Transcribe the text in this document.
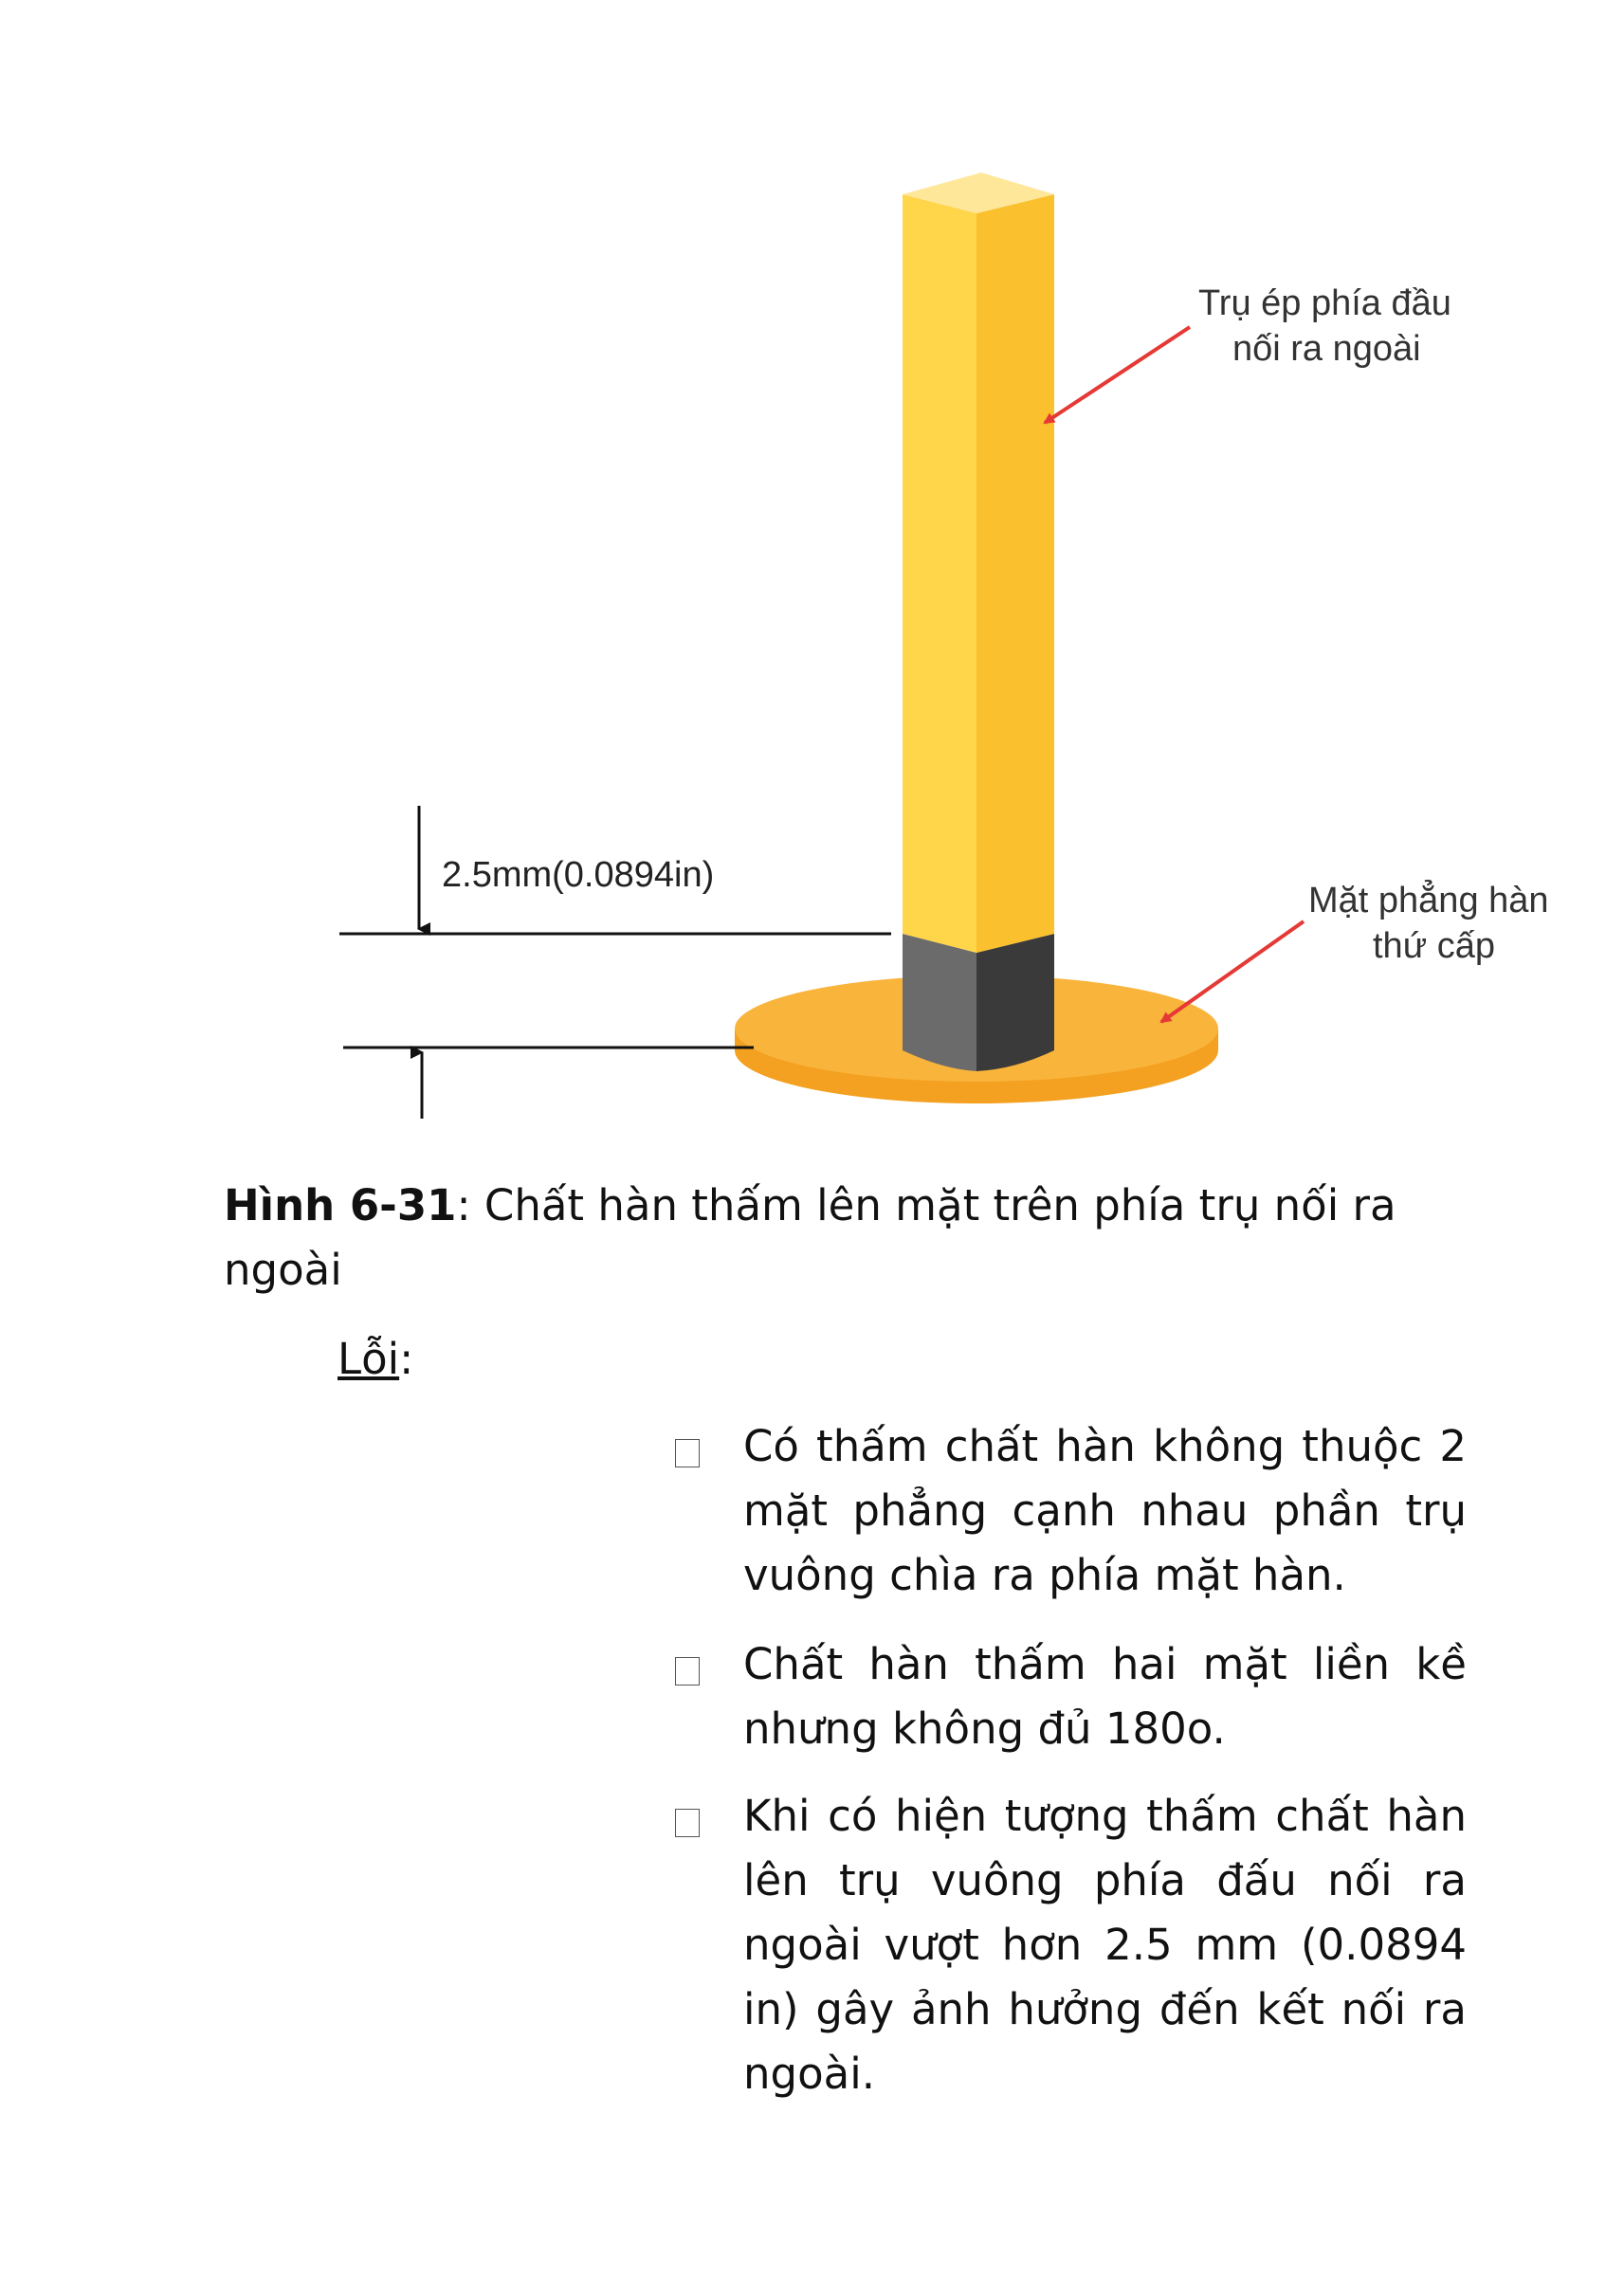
Trụ ép phía đầu
nối ra ngoài
Mặt phẳng hàn
thứ cấp
2.5mm(0.0894in)
Hình 6-31: Chất hàn thấm lên mặt trên phía trụ nối ra
ngoài
Lỗi:
Có thấm chất hàn không thuộc 2 mặt phẳng cạnh nhau phần trụ vuông chìa ra phía mặt hàn.
Chất hàn thấm hai mặt liền kề nhưng không đủ 180o.
Khi có hiện tượng thấm chất hàn lên trụ vuông phía đấu nối ra ngoài vượt hơn 2.5 mm (0.0894 in) gây ảnh hưởng đến kết nối ra ngoài.
